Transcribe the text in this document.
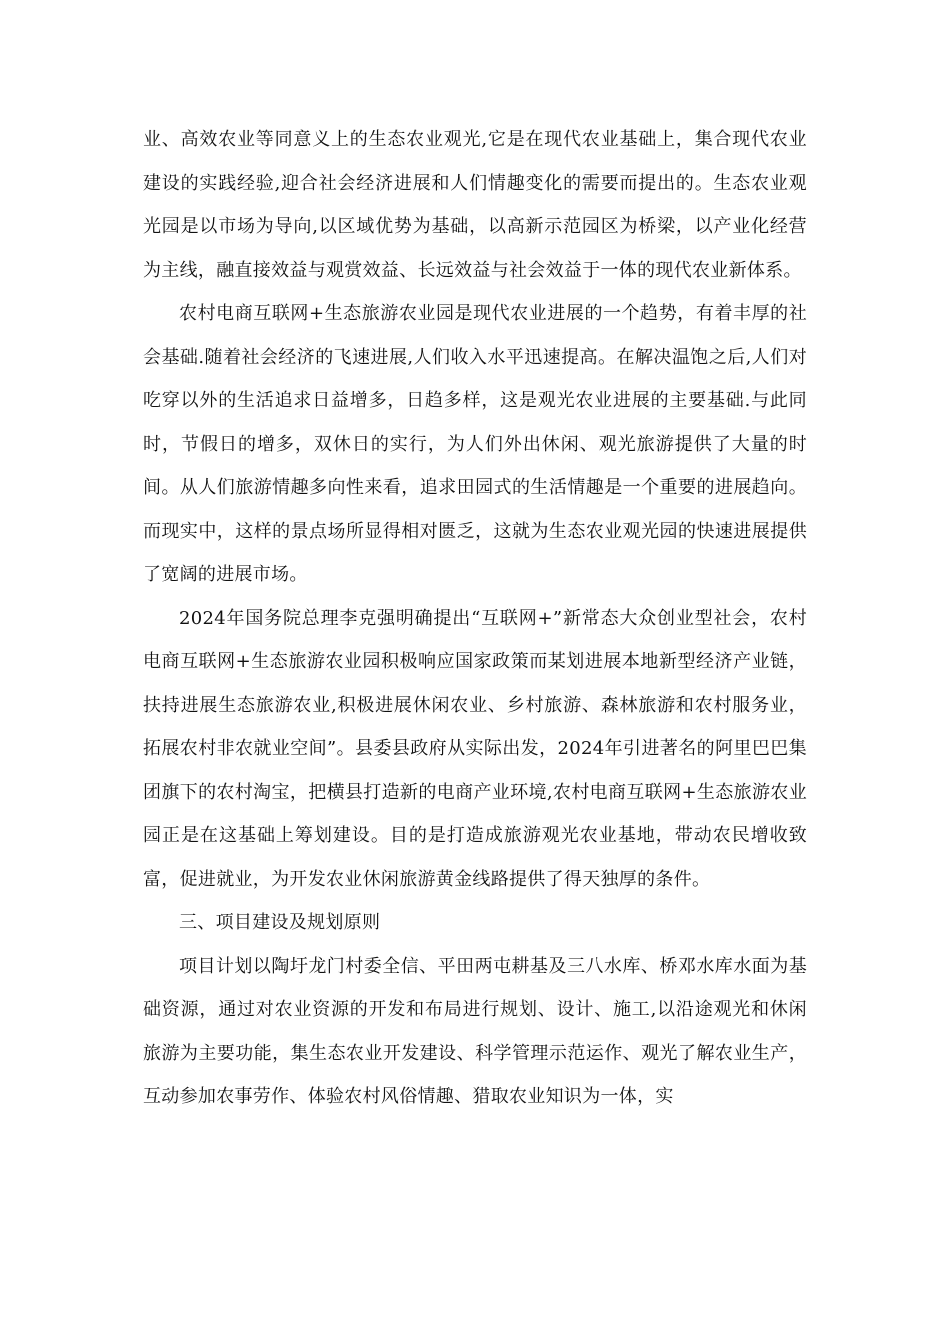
业、高效农业等同意义上的生态农业观光,它是在现代农业基础上，集合现代农业建设的实践经验,迎合社会经济进展和人们情趣变化的需要而提出的。生态农业观光园是以市场为导向,以区域优势为基础，以高新示范园区为桥梁，以产业化经营为主线，融直接效益与观赏效益、长远效益与社会效益于一体的现代农业新体系。

农村电商互联网+生态旅游农业园是现代农业进展的一个趋势，有着丰厚的社会基础.随着社会经济的飞速进展,人们收入水平迅速提高。在解决温饱之后,人们对吃穿以外的生活追求日益增多，日趋多样，这是观光农业进展的主要基础.与此同时，节假日的增多，双休日的实行，为人们外出休闲、观光旅游提供了大量的时间。从人们旅游情趣多向性来看，追求田园式的生活情趣是一个重要的进展趋向。而现实中，这样的景点场所显得相对匮乏，这就为生态农业观光园的快速进展提供了宽阔的进展市场。

2024年国务院总理李克强明确提出“互联网+”新常态大众创业型社会，农村电商互联网+生态旅游农业园积极响应国家政策而某划进展本地新型经济产业链，扶持进展生态旅游农业,积极进展休闲农业、乡村旅游、森林旅游和农村服务业，拓展农村非农就业空间”。县委县政府从实际出发，2024年引进著名的阿里巴巴集团旗下的农村淘宝，把横县打造新的电商产业环境,农村电商互联网+生态旅游农业园正是在这基础上筹划建设。目的是打造成旅游观光农业基地，带动农民增收致富，促进就业，为开发农业休闲旅游黄金线路提供了得天独厚的条件。

三、项目建设及规划原则

项目计划以陶圩龙门村委全信、平田两屯耕基及三八水库、桥邓水库水面为基础资源，通过对农业资源的开发和布局进行规划、设计、施工,以沿途观光和休闲旅游为主要功能，集生态农业开发建设、科学管理示范运作、观光了解农业生产，互动参加农事劳作、体验农村风俗情趣、猎取农业知识为一体，实
